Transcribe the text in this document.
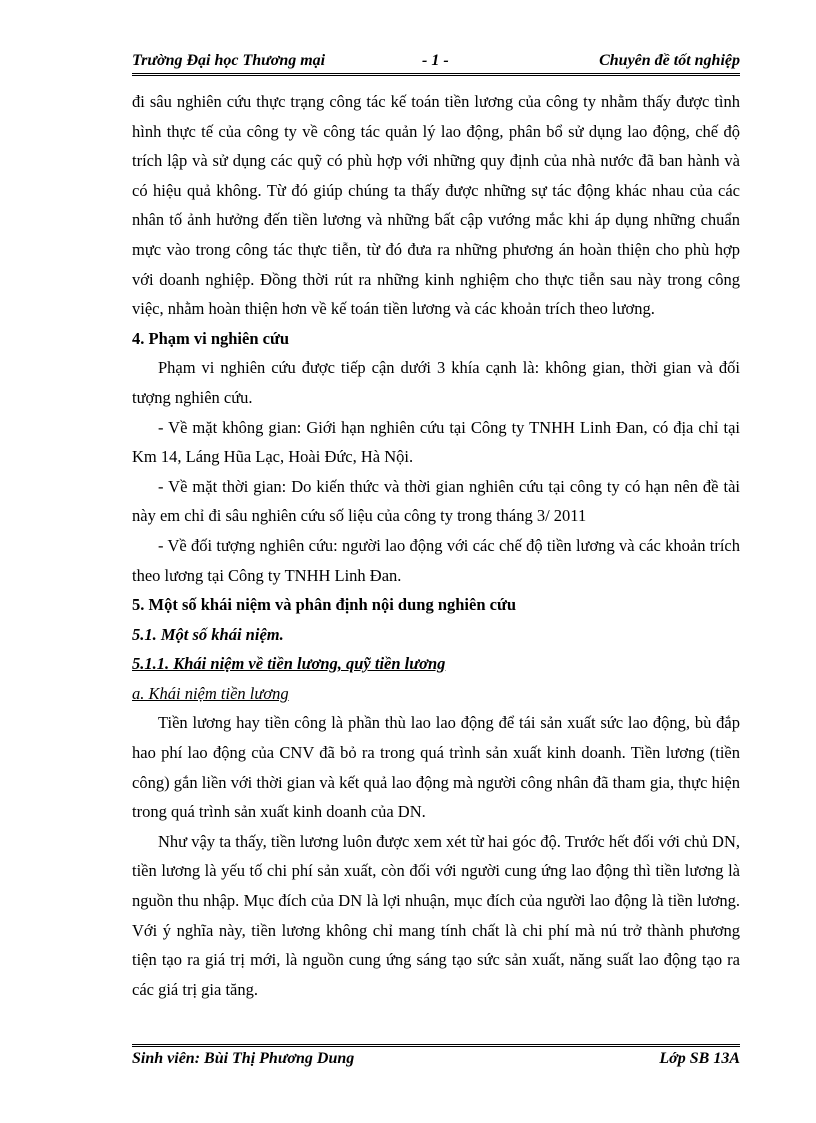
Trường Đại học Thương mại	- 1 -	Chuyên đề tốt nghiệp

đi sâu nghiên cứu thực trạng công tác kế toán tiền lương của công ty nhằm thấy được tình hình thực tế của công ty về công tác quản lý lao động, phân bổ sử dụng lao động, chế độ trích lập và sử dụng các quỹ có phù hợp với những quy định của nhà nước đã ban hành và có hiệu quả không. Từ đó giúp chúng ta thấy được những sự tác động khác nhau của các nhân tố ảnh hưởng đến tiền lương và những bất cập vướng mắc khi áp dụng những chuẩn mực vào trong công tác thực tiễn, từ đó đưa ra những phương án hoàn thiện cho phù hợp với doanh nghiệp. Đồng thời rút ra những kinh nghiệm cho thực tiễn sau này trong công việc, nhằm hoàn thiện hơn về kế toán tiền lương và các khoản trích theo lương.

4. Phạm vi nghiên cứu

Phạm vi nghiên cứu được tiếp cận dưới 3 khía cạnh là: không gian, thời gian và đối tượng nghiên cứu.

- Về mặt không gian: Giới hạn nghiên cứu tại Công ty TNHH Linh Đan, có địa chỉ tại Km 14, Láng Hũa Lạc, Hoài Đức, Hà Nội.

- Về mặt thời gian: Do kiến thức và thời gian nghiên cứu tại công ty có hạn nên đề tài này em chỉ đi sâu nghiên cứu số liệu của công ty trong tháng 3/ 2011

- Về đối tượng nghiên cứu: người lao động với các chế độ tiền lương và các khoản trích theo lương tại Công ty TNHH Linh Đan.

5. Một số khái niệm và phân định nội dung nghiên cứu

5.1. Một số khái niệm.

5.1.1. Khái niệm về tiền lương, quỹ tiền lương

a. Khái niệm tiền lương

Tiền lương hay tiền công là phần thù lao lao động để tái sản xuất sức lao động, bù đắp hao phí lao động của CNV đã bỏ ra trong quá trình sản xuất kinh doanh. Tiền lương (tiền công) gắn liền với thời gian và kết quả lao động mà người công nhân đã tham gia, thực hiện trong quá trình sản xuất kinh doanh của DN.

Như vậy ta thấy, tiền lương luôn được xem xét từ hai góc độ. Trước hết đối với chủ DN, tiền lương là yếu tố chi phí sản xuất, còn đối với người cung ứng lao động thì tiền lương là nguồn thu nhập. Mục đích của DN là lợi nhuận, mục đích của người lao động là tiền lương. Với ý nghĩa này, tiền lương không chỉ mang tính chất là chi phí mà nú trở thành phương tiện tạo ra giá trị mới, là nguồn cung ứng sáng tạo sức sản xuất, năng suất lao động tạo ra các giá trị gia tăng.

Sinh viên: Bùi Thị Phương Dung	Lớp SB 13A
